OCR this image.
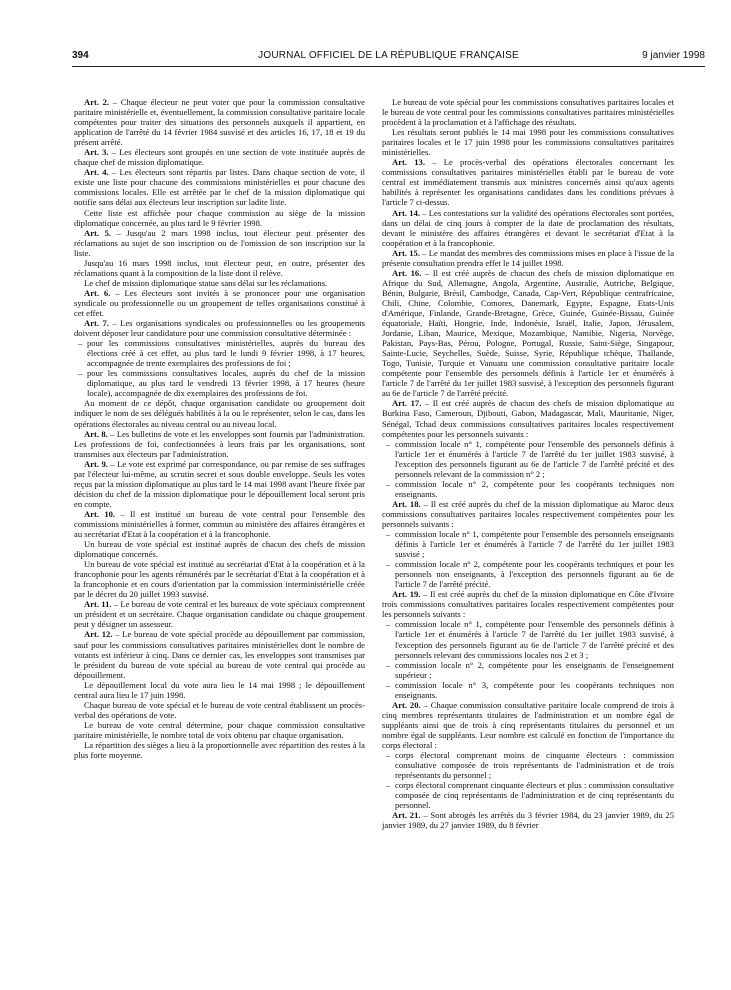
394	JOURNAL OFFICIEL DE LA RÉPUBLIQUE FRANÇAISE	9 janvier 1998

Art. 2. – Chaque électeur ne peut voter que pour la commission consultative paritaire ministérielle et, éventuellement, la commission consultative paritaire locale compétentes pour traiter des situations des personnels auxquels il appartient, en application de l'arrêté du 14 février 1984 susvisé et des articles 16, 17, 18 et 19 du présent arrêté.

Art. 3. – Les électeurs sont groupés en une section de vote instituée auprès de chaque chef de mission diplomatique.

Art. 4. – Les électeurs sont répartis par listes. Dans chaque section de vote, il existe une liste pour chacune des commissions ministérielles et pour chacune des commissions locales. Elle est arrêtée par le chef de la mission diplomatique qui notifie sans délai aux électeurs leur inscription sur ladite liste.

Cette liste est affichée pour chaque commission au siège de la mission diplomatique concernée, au plus tard le 9 février 1998.

Art. 5. – Jusqu'au 2 mars 1998 inclus, tout électeur peut présenter des réclamations au sujet de son inscription ou de l'omission de son inscription sur la liste.

Jusqu'au 16 mars 1998 inclus, tout électeur peut, en outre, présenter des réclamations quant à la composition de la liste dont il relève.

Le chef de mission diplomatique statue sans délai sur les réclamations.

Art. 6. – Les électeurs sont invités à se prononcer pour une organisation syndicale ou professionnelle ou un groupement de telles organisations constitué à cet effet.

Art. 7. – Les organisations syndicales ou professionnelles ou les groupements doivent déposer leur candidature pour une commission consultative déterminée :

– pour les commissions consultatives ministérielles, auprès du bureau des élections créé à cet effet, au plus tard le lundi 9 février 1998, à 17 heures, accompagnée de trente exemplaires des professions de foi ;
– pour les commissions consultatives locales, auprès du chef de la mission diplomatique, au plus tard le vendredi 13 février 1998, à 17 heures (heure locale), accompagnée de dix exemplaires des professions de foi.

Au moment de ce dépôt, chaque organisation candidate ou groupement doit indiquer le nom de ses délégués habilités à la ou le représenter, selon le cas, dans les opérations électorales au niveau central ou au niveau local.

Art. 8. – Les bulletins de vote et les enveloppes sont fournis par l'administration. Les professions de foi, confectionnées à leurs frais par les organisations, sont transmises aux électeurs par l'administration.

Art. 9. – Le vote est exprimé par correspondance, ou par remise de ses suffrages par l'électeur lui-même, au scrutin secret et sous double enveloppe. Seuls les votes reçus par la mission diplomatique au plus tard le 14 mai 1998 avant l'heure fixée par décision du chef de la mission diplomatique pour le dépouillement local seront pris en compte.

Art. 10. – Il est institué un bureau de vote central pour l'ensemble des commissions ministérielles à former, commun au ministère des affaires étrangères et au secrétariat d'Etat à la coopération et à la francophonie.

Un bureau de vote spécial est institué auprès de chacun des chefs de mission diplomatique concernés.

Un bureau de vote spécial est institué au secrétariat d'Etat à la coopération et à la francophonie pour les agents rémunérés par le secrétariat d'Etat à la coopération et à la francophonie et en cours d'orientation par la commission interministérielle créée par le décret du 20 juillet 1993 susvisé.

Art. 11. – Le bureau de vote central et les bureaux de vote spéciaux comprennent un président et un secrétaire. Chaque organisation candidate ou chaque groupement peut y désigner un assesseur.

Art. 12. – Le bureau de vote spécial procède au dépouillement par commission, sauf pour les commissions consultatives paritaires ministérielles dont le nombre de votants est inférieur à cinq. Dans ce dernier cas, les enveloppes sont transmises par le président du bureau de vote spécial au bureau de vote central qui procède au dépouillement.

Le dépouillement local du vote aura lieu le 14 mai 1998 ; le dépouillement central aura lieu le 17 juin 1998.

Chaque bureau de vote spécial et le bureau de vote central établissent un procès-verbal des opérations de vote.

Le bureau de vote central détermine, pour chaque commission consultative paritaire ministérielle, le nombre total de voix obtenu par chaque organisation.

La répartition des sièges a lieu à la proportionnelle avec répartition des restes à la plus forte moyenne.

Le bureau de vote spécial pour les commissions consultatives paritaires locales et le bureau de vote central pour les commissions consultatives paritaires ministérielles procèdent à la proclamation et à l'affichage des résultats.

Les résultats seront publiés le 14 mai 1998 pour les commissions consultatives paritaires locales et le 17 juin 1998 pour les commissions consultatives paritaires ministérielles.

Art. 13. – Le procès-verbal des opérations électorales concernant les commissions consultatives paritaires ministérielles établi par le bureau de vote central est immédiatement transmis aux ministres concernés ainsi qu'aux agents habilités à représenter les organisations candidates dans les conditions prévues à l'article 7 ci-dessus.

Art. 14. – Les contestations sur la validité des opérations électorales sont portées, dans un délai de cinq jours à compter de la date de proclamation des résultats, devant le ministère des affaires étrangères et devant le secrétariat d'Etat à la coopération et à la francophonie.

Art. 15. – Le mandat des membres des commissions mises en place à l'issue de la présente consultation prendra effet le 14 juillet 1998.

Art. 16. – Il est créé auprès de chacun des chefs de mission diplomatique en Afrique du Sud, Allemagne, Angola, Argentine, Australie, Autriche, Belgique, Bénin, Bulgarie, Brésil, Cambodge, Canada, Cap-Vert, République centrafricaine, Chili, Chine, Colombie, Comores, Danemark, Egypte, Espagne, Etats-Unis d'Amérique, Finlande, Grande-Bretagne, Grèce, Guinée, Guinée-Bissau, Guinée équatoriale, Haïti, Hongrie, Inde, Indonésie, Israël, Italie, Japon, Jérusalem, Jordanie, Liban, Maurice, Mexique, Mozambique, Namibie, Nigeria, Norvège, Pakistan, Pays-Bas, Pérou, Pologne, Portugal, Russie, Saint-Siège, Singapour, Sainte-Lucie, Seychelles, Suède, Suisse, Syrie, République tchèque, Thaïlande, Togo, Tunisie, Turquie et Vanuatu une commission consultative paritaire locale compétente pour l'ensemble des personnels définis à l'article 1er et énumérés à l'article 7 de l'arrêté du 1er juillet 1983 susvisé, à l'exception des personnels figurant au 6e de l'article 7 de l'arrêté précité.

Art. 17. – Il est créé auprès de chacun des chefs de mission diplomatique au Burkina Faso, Cameroun, Djibouti, Gabon, Madagascar, Mali, Mauritanie, Niger, Sénégal, Tchad deux commissions consultatives paritaires locales respectivement compétentes pour les personnels suivants :

– commission locale n° 1, compétente pour l'ensemble des personnels définis à l'article 1er et énumérés à l'article 7 de l'arrêté du 1er juillet 1983 susvisé, à l'exception des personnels figurant au 6e de l'article 7 de l'arrêté précité et des personnels relevant de la commission n° 2 ;
– commission locale n° 2, compétente pour les coopérants techniques non enseignants.

Art. 18. – Il est créé auprès du chef de la mission diplomatique au Maroc deux commissions consultatives paritaires locales respectivement compétentes pour les personnels suivants :

– commission locale n° 1, compétente pour l'ensemble des personnels enseignants définis à l'article 1er et énumérés à l'article 7 de l'arrêté du 1er juillet 1983 susvisé ;
– commission locale n° 2, compétente pour les coopérants techniques et pour les personnels non enseignants, à l'exception des personnels figurant au 6e de l'article 7 de l'arrêté précité.

Art. 19. – Il est créé auprès du chef de la mission diplomatique en Côte d'Ivoire trois commissions consultatives paritaires locales respectivement compétentes pour les personnels suivants :

– commission locale n° 1, compétente pour l'ensemble des personnels définis à l'article 1er et énumérés à l'article 7 de l'arrêté du 1er juillet 1983 susvisé, à l'exception des personnels figurant au 6e de l'article 7 de l'arrêté précité et des personnels relevant des commissions locales nos 2 et 3 ;
– commission locale n° 2, compétente pour les enseignants de l'enseignement supérieur ;
– commission locale n° 3, compétente pour les coopérants techniques non enseignants.

Art. 20. – Chaque commission consultative paritaire locale comprend de trois à cinq membres représentants titulaires de l'administration et un nombre égal de suppléants ainsi que de trois à cinq représentants titulaires du personnel et un nombre égal de suppléants. Leur nombre est calculé en fonction de l'importance du corps électoral :

– corps électoral comprenant moins de cinquante électeurs : commission consultative composée de trois représentants de l'administration et de trois représentants du personnel ;
– corps électoral comprenant cinquante électeurs et plus : commission consultative composée de cinq représentants de l'administration et de cinq représentants du personnel.

Art. 21. – Sont abrogés les arrêtés du 3 février 1984, du 23 janvier 1989, du 25 janvier 1989, du 27 janvier 1989, du 8 février
